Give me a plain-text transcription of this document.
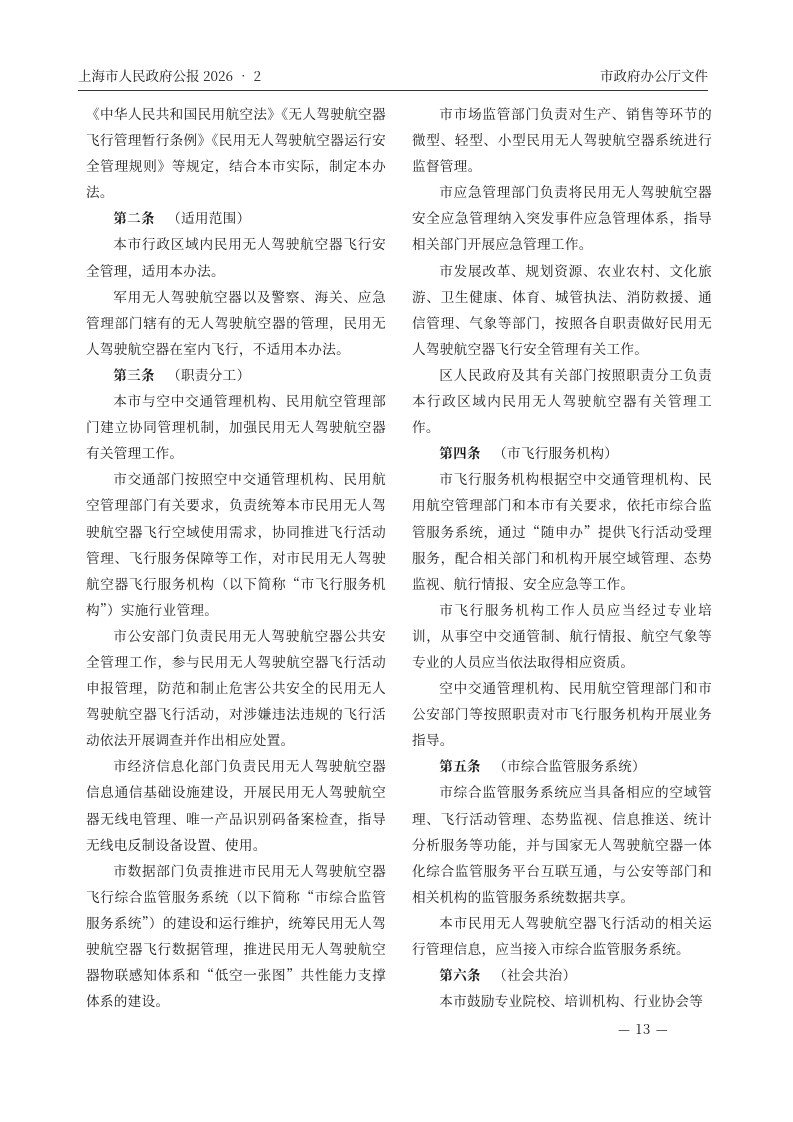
上海市人民政府公报 2026 • 2	市政府办公厅文件

《中华人民共和国民用航空法》《无人驾驶航空器飞行管理暂行条例》《民用无人驾驶航空器运行安全管理规则》等规定，结合本市实际，制定本办法。

第二条 （适用范围）

本市行政区域内民用无人驾驶航空器飞行安全管理，适用本办法。

军用无人驾驶航空器以及警察、海关、应急管理部门辖有的无人驾驶航空器的管理，民用无人驾驶航空器在室内飞行，不适用本办法。

第三条 （职责分工）

本市与空中交通管理机构、民用航空管理部门建立协同管理机制，加强民用无人驾驶航空器有关管理工作。

市交通部门按照空中交通管理机构、民用航空管理部门有关要求，负责统筹本市民用无人驾驶航空器飞行空域使用需求，协同推进飞行活动管理、飞行服务保障等工作，对市民用无人驾驶航空器飞行服务机构（以下简称“市飞行服务机构”）实施行业管理。

市公安部门负责民用无人驾驶航空器公共安全管理工作，参与民用无人驾驶航空器飞行活动申报管理，防范和制止危害公共安全的民用无人驾驶航空器飞行活动，对涉嫌违法违规的飞行活动依法开展调查并作出相应处置。

市经济信息化部门负责民用无人驾驶航空器信息通信基础设施建设，开展民用无人驾驶航空器无线电管理、唯一产品识别码备案检查，指导无线电反制设备设置、使用。

市数据部门负责推进市民用无人驾驶航空器飞行综合监管服务系统（以下简称“市综合监管服务系统”）的建设和运行维护，统筹民用无人驾驶航空器飞行数据管理，推进民用无人驾驶航空器物联感知体系和“低空一张图”共性能力支撑体系的建设。

市市场监管部门负责对生产、销售等环节的微型、轻型、小型民用无人驾驶航空器系统进行监督管理。

市应急管理部门负责将民用无人驾驶航空器安全应急管理纳入突发事件应急管理体系，指导相关部门开展应急管理工作。

市发展改革、规划资源、农业农村、文化旅游、卫生健康、体育、城管执法、消防救援、通信管理、气象等部门，按照各自职责做好民用无人驾驶航空器飞行安全管理有关工作。

区人民政府及其有关部门按照职责分工负责本行政区域内民用无人驾驶航空器有关管理工作。

第四条 （市飞行服务机构）

市飞行服务机构根据空中交通管理机构、民用航空管理部门和本市有关要求，依托市综合监管服务系统，通过“随申办”提供飞行活动受理服务，配合相关部门和机构开展空域管理、态势监视、航行情报、安全应急等工作。

市飞行服务机构工作人员应当经过专业培训，从事空中交通管制、航行情报、航空气象等专业的人员应当依法取得相应资质。

空中交通管理机构、民用航空管理部门和市公安部门等按照职责对市飞行服务机构开展业务指导。

第五条 （市综合监管服务系统）

市综合监管服务系统应当具备相应的空域管理、飞行活动管理、态势监视、信息推送、统计分析服务等功能，并与国家无人驾驶航空器一体化综合监管服务平台互联互通，与公安等部门和相关机构的监管服务系统数据共享。

本市民用无人驾驶航空器飞行活动的相关运行管理信息，应当接入市综合监管服务系统。

第六条 （社会共治）

本市鼓励专业院校、培训机构、行业协会等

— 13 —
